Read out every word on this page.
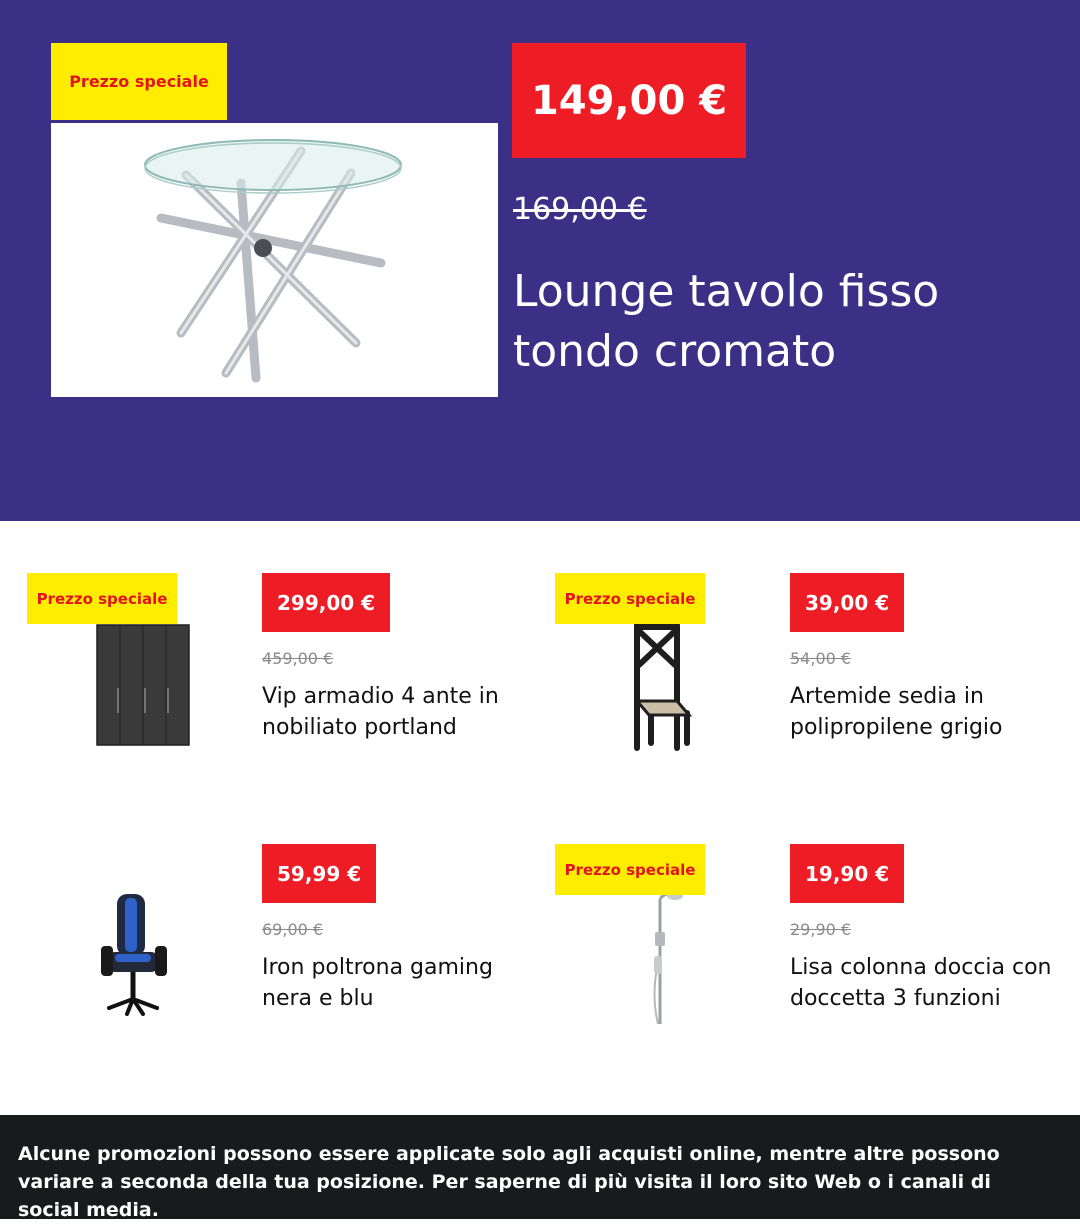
Prezzo speciale	149,00 €
169,00 €
Lounge tavolo fisso tondo cromato
Prezzo speciale	299,00 €
459,00 €
Vip armadio 4 ante in nobiliato portland
Prezzo speciale	39,00 €
54,00 €
Artemide sedia in polipropilene grigio
59,99 €
69,00 €
Iron poltrona gaming nera e blu
Prezzo speciale	19,90 €
29,90 €
Lisa colonna doccia con doccetta 3 funzioni
Alcune promozioni possono essere applicate solo agli acquisti online, mentre altre possono variare a seconda della tua posizione. Per saperne di più visita il loro sito Web o i canali di social media.
